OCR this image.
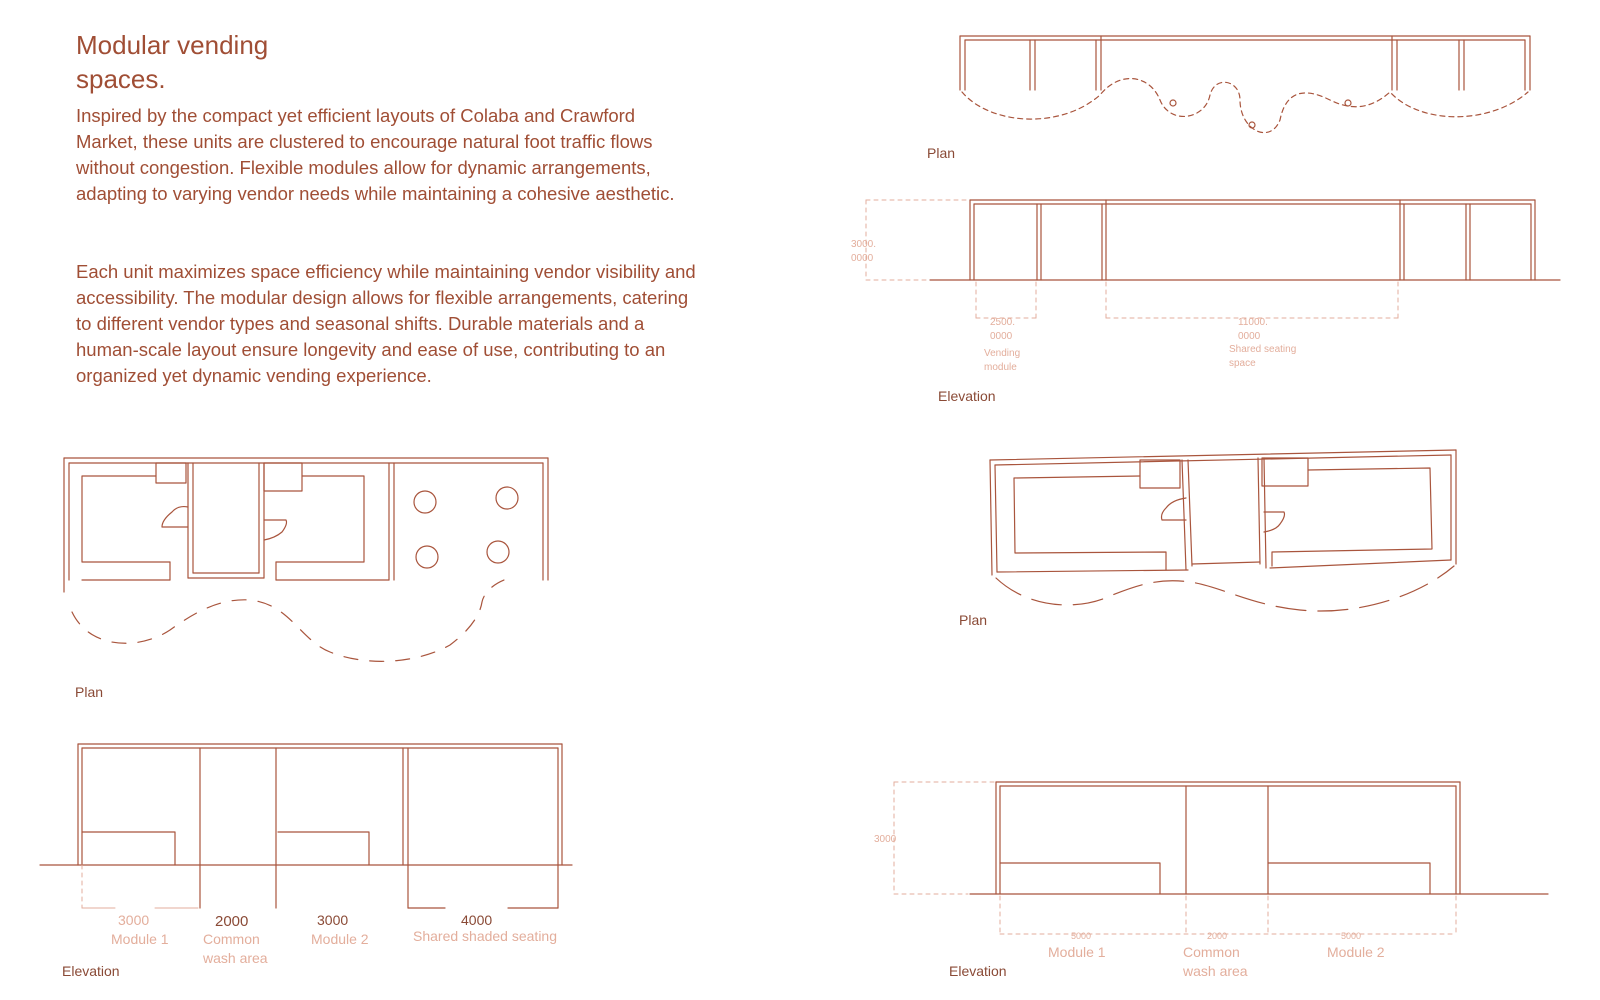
Modular vending spaces.

Inspired by the compact yet efficient layouts of Colaba and Crawford Market, these units are clustered to encourage natural foot traffic flows without congestion. Flexible modules allow for dynamic arrangements, adapting to varying vendor needs while maintaining a cohesive aesthetic.

Each unit maximizes space efficiency while maintaining vendor visibility and accessibility. The modular design allows for flexible arrangements, catering to different vendor types and seasonal shifts. Durable materials and a human-scale layout ensure longevity and ease of use, contributing to an organized yet dynamic vending experience.

Plan
Elevation
3000.
0000
2500.
0000
Vending
module
11000.
0000
Shared seating
space
Plan
Elevation
3000
Module 1
2000
Common
wash area
3000
Module 2
4000
Shared shaded seating
Plan
Elevation
3000
5000
Module 1
2000
Common
wash area
5000
Module 2
